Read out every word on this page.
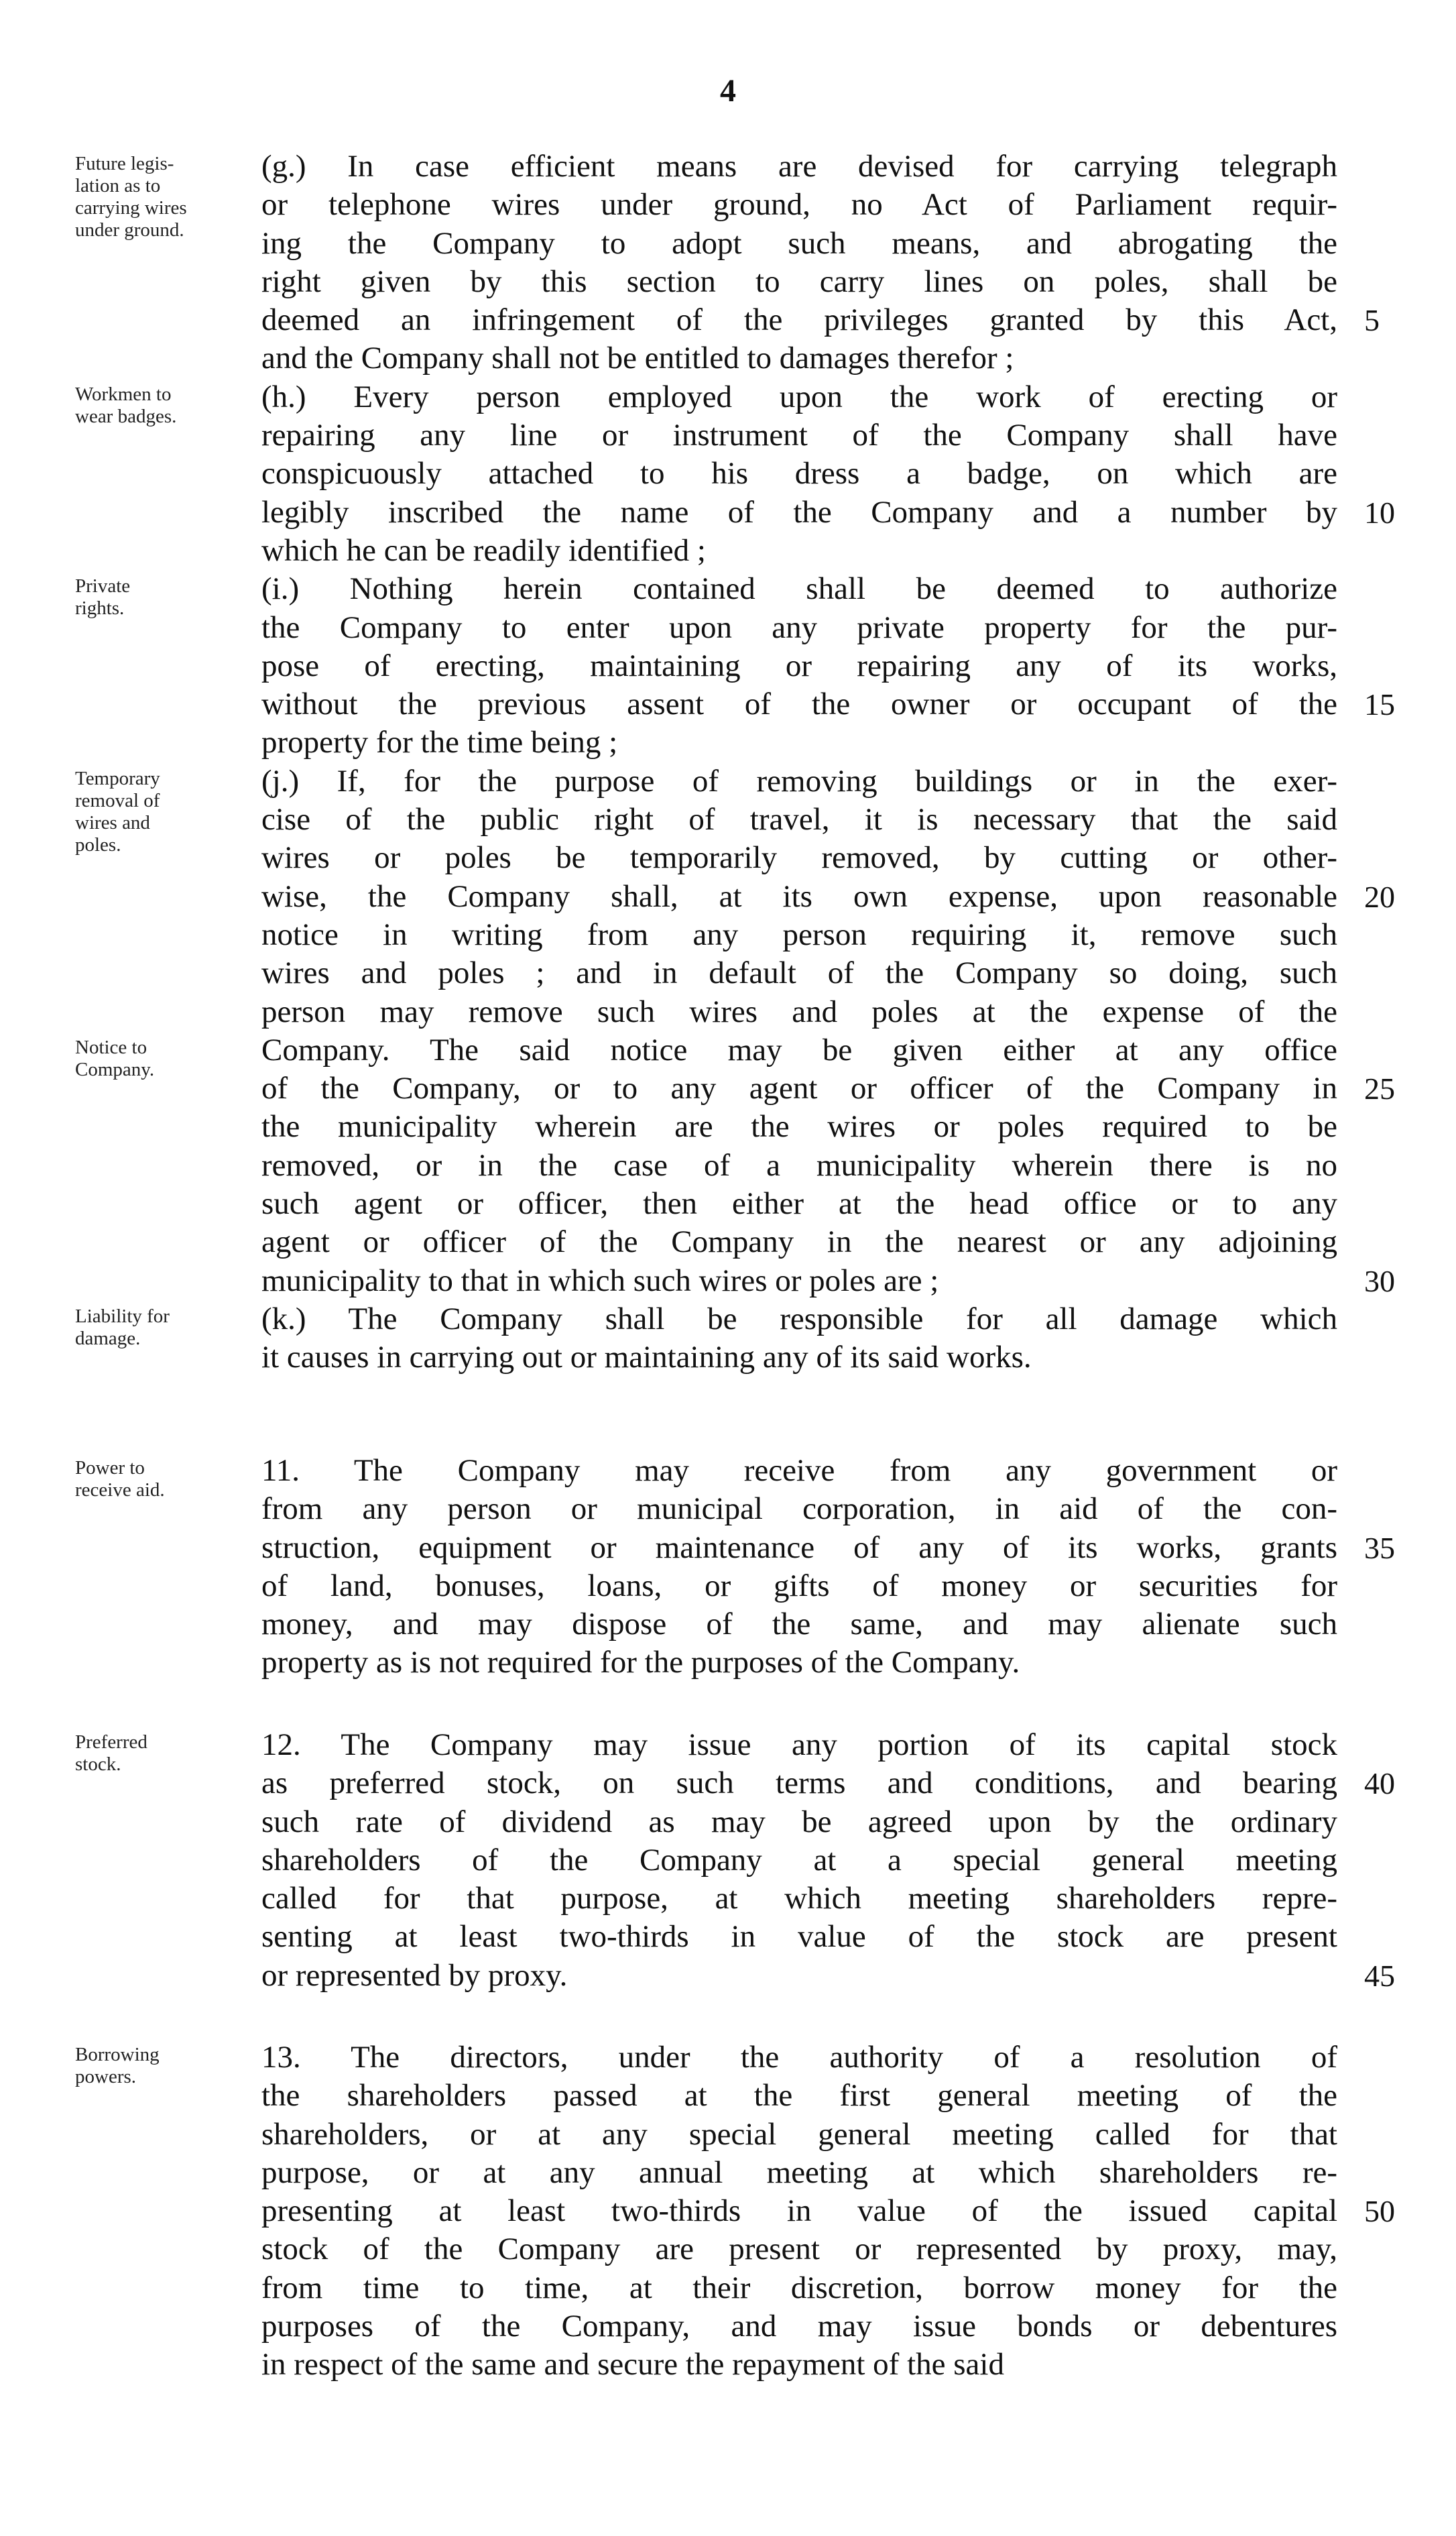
4
(g.) In case efficient means are devised for carrying telegraph
or telephone wires under ground, no Act of Parliament requir-
ing the Company to adopt such means, and abrogating the
right given by this section to carry lines on poles, shall be
deemed an infringement of the privileges granted by this Act,
and the Company shall not be entitled to damages therefor ;
(h.) Every person employed upon the work of erecting or
repairing any line or instrument of the Company shall have
conspicuously attached to his dress a badge, on which are
legibly inscribed the name of the Company and a number by
which he can be readily identified ;
(i.) Nothing herein contained shall be deemed to authorize
the Company to enter upon any private property for the pur-
pose of erecting, maintaining or repairing any of its works,
without the previous assent of the owner or occupant of the
property for the time being ;
(j.) If, for the purpose of removing buildings or in the exer-
cise of the public right of travel, it is necessary that the said
wires or poles be temporarily removed, by cutting or other-
wise, the Company shall, at its own expense, upon reasonable
notice in writing from any person requiring it, remove such
wires and poles ; and in default of the Company so doing, such
person may remove such wires and poles at the expense of the
Company. The said notice may be given either at any office
of the Company, or to any agent or officer of the Company in
the municipality wherein are the wires or poles required to be
removed, or in the case of a municipality wherein there is no
such agent or officer, then either at the head office or to any
agent or officer of the Company in the nearest or any adjoining
municipality to that in which such wires or poles are ;
(k.) The Company shall be responsible for all damage which
it causes in carrying out or maintaining any of its said works.
11. The Company may receive from any government or
from any person or municipal corporation, in aid of the con-
struction, equipment or maintenance of any of its works, grants
of land, bonuses, loans, or gifts of money or securities for
money, and may dispose of the same, and may alienate such
property as is not required for the purposes of the Company.
12. The Company may issue any portion of its capital stock
as preferred stock, on such terms and conditions, and bearing
such rate of dividend as may be agreed upon by the ordinary
shareholders of the Company at a special general meeting
called for that purpose, at which meeting shareholders repre-
senting at least two-thirds in value of the stock are present
or represented by proxy.
13. The directors, under the authority of a resolution of
the shareholders passed at the first general meeting of the
shareholders, or at any special general meeting called for that
purpose, or at any annual meeting at which shareholders re-
presenting at least two-thirds in value of the issued capital
stock of the Company are present or represented by proxy, may,
from time to time, at their discretion, borrow money for the
purposes of the Company, and may issue bonds or debentures
in respect of the same and secure the repayment of the said
5
10
15
20
25
30
35
40
45
50
Future legis-
lation as to
carrying wires
under ground.
Workmen to
wear badges.
Private
rights.
Temporary
removal of
wires and
poles.
Notice to
Company.
Liability for
damage.
Power to
receive aid.
Preferred
stock.
Borrowing
powers.
